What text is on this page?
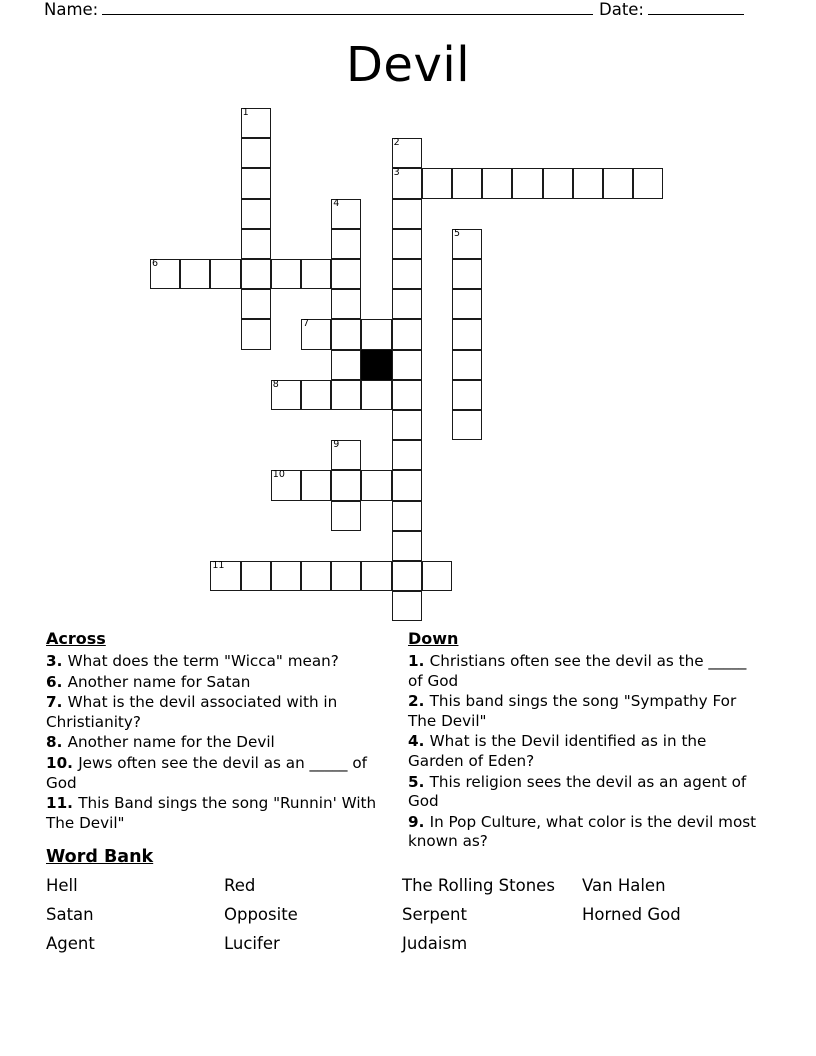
Name:	Date:
Devil
1
2
3
4
5
6
7
8
9
10
11
Across
3. What does the term "Wicca" mean?
6. Another name for Satan
7. What is the devil associated with in Christianity?
8. Another name for the Devil
10. Jews often see the devil as an _____ of God
11. This Band sings the song "Runnin' With The Devil"
Down
1. Christians often see the devil as the _____ of God
2. This band sings the song "Sympathy For The Devil"
4. What is the Devil identified as in the Garden of Eden?
5. This religion sees the devil as an agent of God
9. In Pop Culture, what color is the devil most known as?
Word Bank
Hell	Red	The Rolling Stones	Van Halen
Satan	Opposite	Serpent	Horned God
Agent	Lucifer	Judaism
